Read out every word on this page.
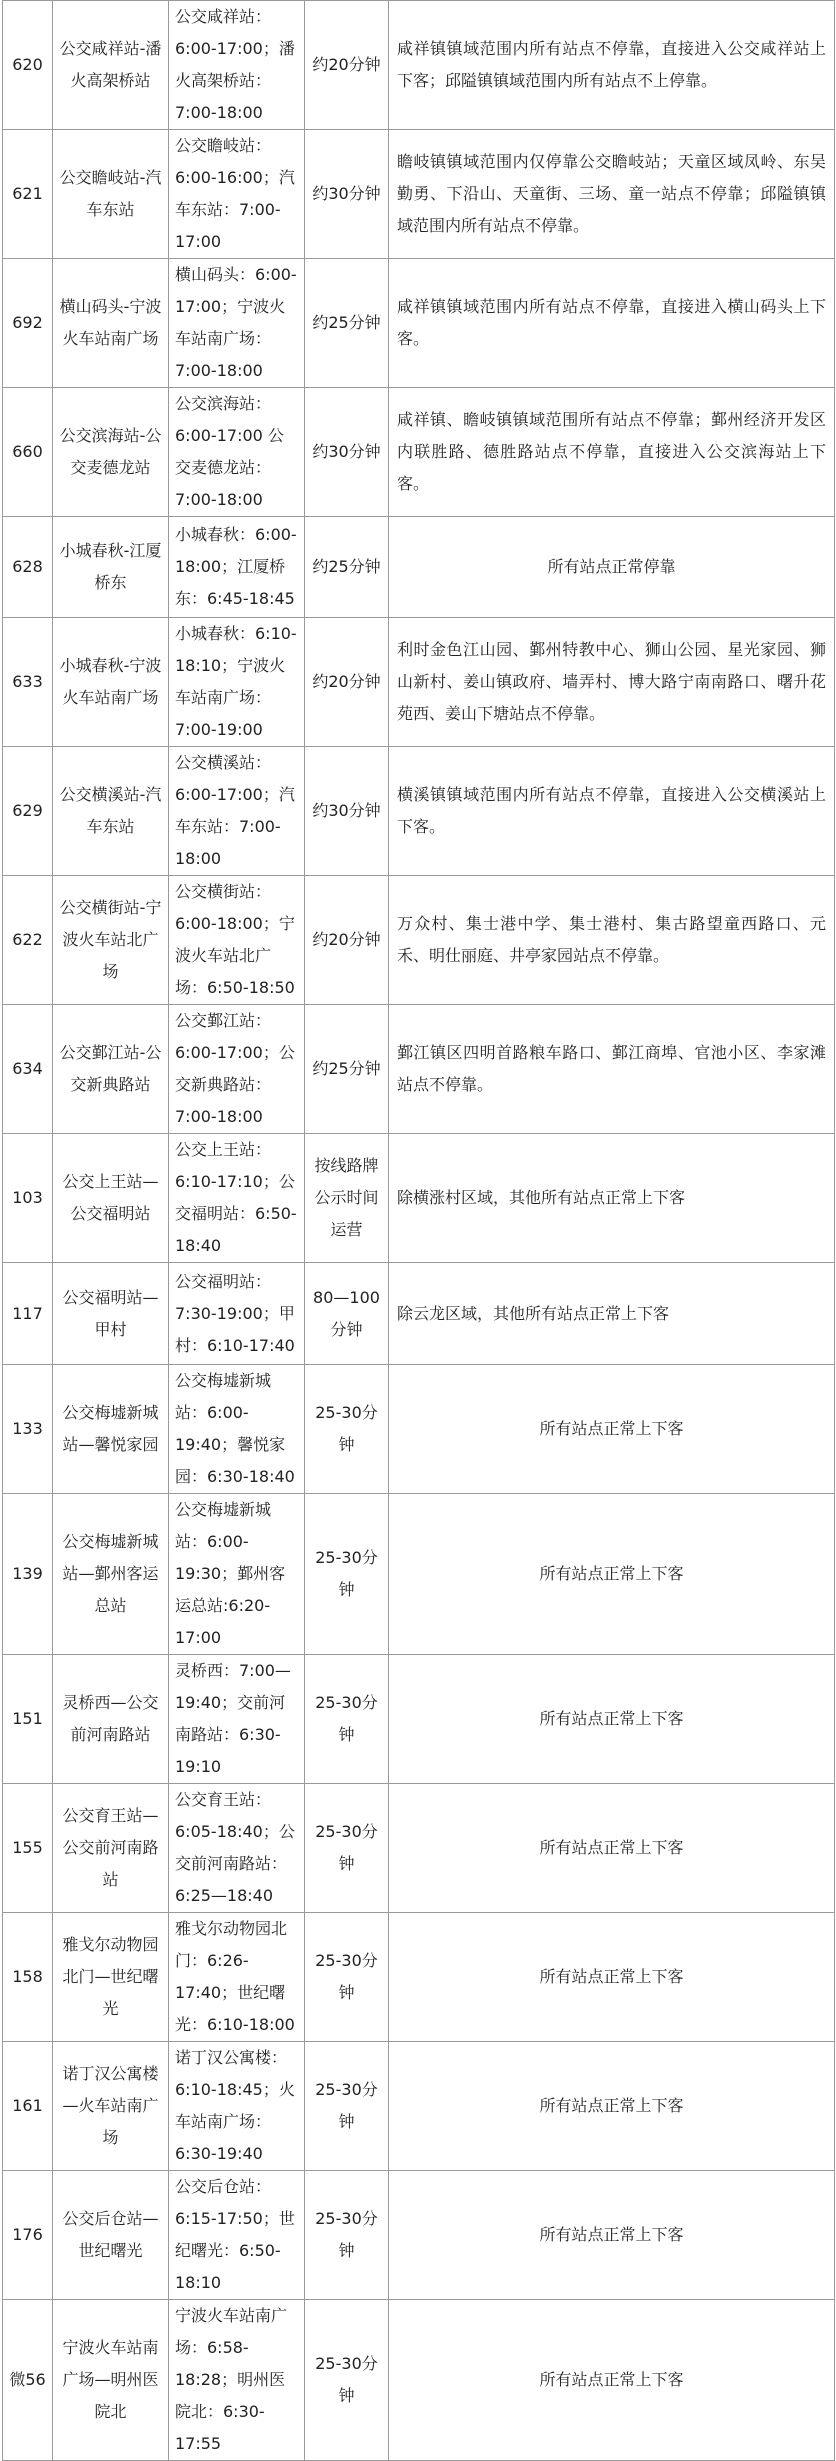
620	公交咸祥站-潘火高架桥站	公交咸祥站：6:00-17:00；潘火高架桥站：7:00-18:00	约20分钟	咸祥镇镇域范围内所有站点不停靠，直接进入公交咸祥站上下客；邱隘镇镇域范围内所有站点不上停靠。
621	公交瞻岐站-汽车东站	公交瞻岐站：6:00-16:00；汽车东站：7:00-17:00	约30分钟	瞻岐镇镇域范围内仅停靠公交瞻岐站；天童区域凤岭、东吴勤勇、下沿山、天童街、三场、童一站点不停靠；邱隘镇镇域范围内所有站点不停靠。
692	横山码头-宁波火车站南广场	横山码头：6:00-17:00；宁波火车站南广场：7:00-18:00	约25分钟	咸祥镇镇域范围内所有站点不停靠，直接进入横山码头上下客。
660	公交滨海站-公交麦德龙站	公交滨海站：6:00-17:00 公交麦德龙站：7:00-18:00	约30分钟	咸祥镇、瞻岐镇镇域范围所有站点不停靠；鄞州经济开发区内联胜路、德胜路站点不停靠，直接进入公交滨海站上下客。
628	小城春秋-江厦桥东	小城春秋：6:00-18:00；江厦桥东：6:45-18:45	约25分钟	所有站点正常停靠
633	小城春秋-宁波火车站南广场	小城春秋：6:10-18:10；宁波火车站南广场：7:00-19:00	约20分钟	利时金色江山园、鄞州特教中心、狮山公园、星光家园、狮山新村、姜山镇政府、墙弄村、博大路宁南南路口、曙升花苑西、姜山下塘站点不停靠。
629	公交横溪站-汽车东站	公交横溪站：6:00-17:00；汽车东站：7:00-18:00	约30分钟	横溪镇镇域范围内所有站点不停靠，直接进入公交横溪站上下客。
622	公交横街站-宁波火车站北广场	公交横街站：6:00-18:00；宁波火车站北广场：6:50-18:50	约20分钟	万众村、集士港中学、集士港村、集古路望童西路口、元禾、明仕丽庭、井亭家园站点不停靠。
634	公交鄞江站-公交新典路站	公交鄞江站：6:00-17:00；公交新典路站：7:00-18:00	约25分钟	鄞江镇区四明首路粮车路口、鄞江商埠、官池小区、李家滩站点不停靠。
103	公交上王站—公交福明站	公交上王站：6:10-17:10；公交福明站：6:50-18:40	按线路牌公示时间运营	除横涨村区域，其他所有站点正常上下客
117	公交福明站—甲村	公交福明站：7:30-19:00；甲村：6:10-17:40	80—100分钟	除云龙区域，其他所有站点正常上下客
133	公交梅墟新城站—馨悦家园	公交梅墟新城站：6:00-19:40；馨悦家园：6:30-18:40	25-30分钟	所有站点正常上下客
139	公交梅墟新城站—鄞州客运总站	公交梅墟新城站：6:00-19:30；鄞州客运总站:6:20-17:00	25-30分钟	所有站点正常上下客
151	灵桥西—公交前河南路站	灵桥西：7:00—19:40；交前河南路站：6:30-19:10	25-30分钟	所有站点正常上下客
155	公交育王站—公交前河南路站	公交育王站：6:05-18:40；公交前河南路站：6:25—18:40	25-30分钟	所有站点正常上下客
158	雅戈尔动物园北门—世纪曙光	雅戈尔动物园北门：6:26-17:40；世纪曙光：6:10-18:00	25-30分钟	所有站点正常上下客
161	诺丁汉公寓楼—火车站南广场	诺丁汉公寓楼：6:10-18:45；火车站南广场：6:30-19:40	25-30分钟	所有站点正常上下客
176	公交后仓站—世纪曙光	公交后仓站：6:15-17:50；世纪曙光：6:50-18:10	25-30分钟	所有站点正常上下客
微56	宁波火车站南广场—明州医院北	宁波火车站南广场：6:58-18:28；明州医院北：6:30-17:55	25-30分钟	所有站点正常上下客
